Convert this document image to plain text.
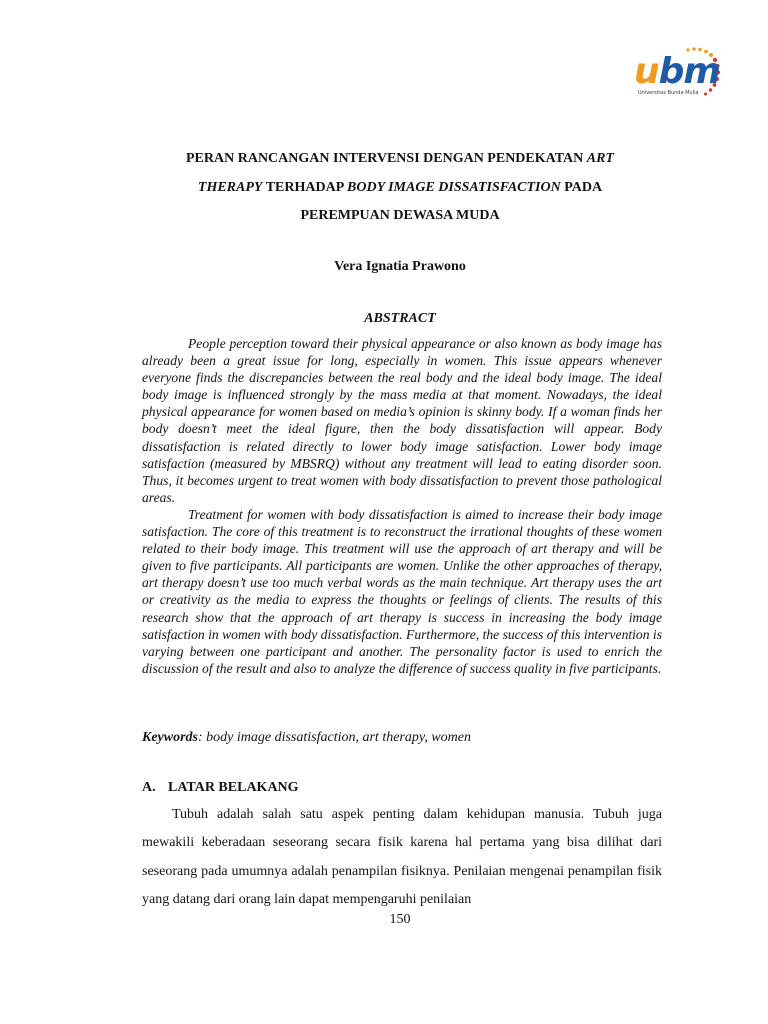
ubm
Universitas Bunda Mulia
PERAN RANCANGAN INTERVENSI DENGAN PENDEKATAN ART
THERAPY TERHADAP BODY IMAGE DISSATISFACTION PADA
PEREMPUAN DEWASA MUDA
Vera Ignatia Prawono
ABSTRACT

People perception toward their physical appearance or also known as body image has already been a great issue for long, especially in women. This issue appears whenever everyone finds the discrepancies between the real body and the ideal body image. The ideal body image is influenced strongly by the mass media at that moment. Nowadays, the ideal physical appearance for women based on media’s opinion is skinny body. If a woman finds her body doesn’t meet the ideal figure, then the body dissatisfaction will appear. Body dissatisfaction is related directly to lower body image satisfaction. Lower body image satisfaction (measured by MBSRQ) without any treatment will lead to eating disorder soon. Thus, it becomes urgent to treat women with body dissatisfaction to prevent those pathological areas.

Treatment for women with body dissatisfaction is aimed to increase their body image satisfaction. The core of this treatment is to reconstruct the irrational thoughts of these women related to their body image. This treatment will use the approach of art therapy and will be given to five participants. All participants are women. Unlike the other approaches of therapy, art therapy doesn’t use too much verbal words as the main technique. Art therapy uses the art or creativity as the media to express the thoughts or feelings of clients. The results of this research show that the approach of art therapy is success in increasing the body image satisfaction in women with body dissatisfaction. Furthermore, the success of this intervention is varying between one participant and another. The personality factor is used to enrich the discussion of the result and also to analyze the difference of success quality in five participants.

Keywords: body image dissatisfaction, art therapy, women
A. LATAR BELAKANG

Tubuh adalah salah satu aspek penting dalam kehidupan manusia. Tubuh juga mewakili keberadaan seseorang secara fisik karena hal pertama yang bisa dilihat dari seseorang pada umumnya adalah penampilan fisiknya. Penilaian mengenai penampilan fisik yang datang dari orang lain dapat mempengaruhi penilaian

150
